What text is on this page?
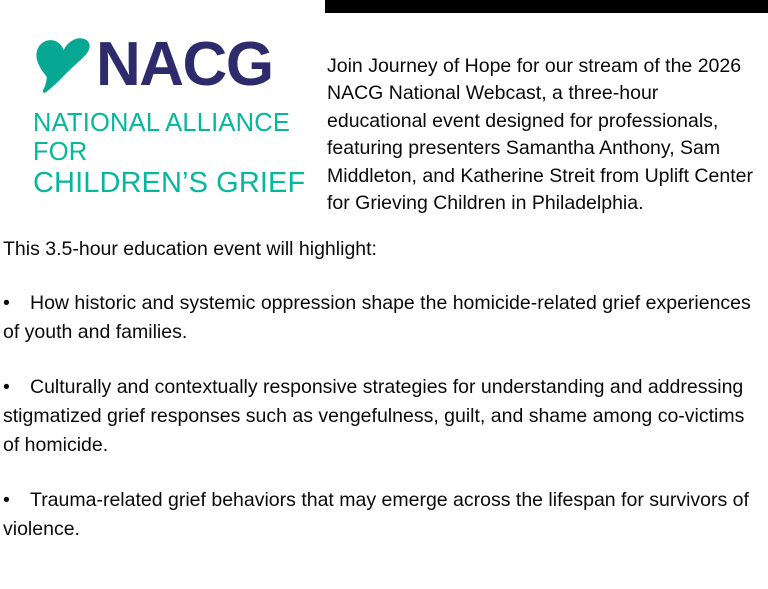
NACG
NATIONAL ALLIANCE FOR
CHILDREN’S GRIEF

Join Journey of Hope for our stream of the 2026 NACG National Webcast, a three-hour educational event designed for professionals, featuring presenters Samantha Anthony, Sam Middleton, and Katherine Streit from Uplift Center for Grieving Children in Philadelphia.

This 3.5-hour education event will highlight:

• How historic and systemic oppression shape the homicide-related grief experiences of youth and families.

• Culturally and contextually responsive strategies for understanding and addressing stigmatized grief responses such as vengefulness, guilt, and shame among co-victims of homicide.

• Trauma-related grief behaviors that may emerge across the lifespan for survivors of violence.
